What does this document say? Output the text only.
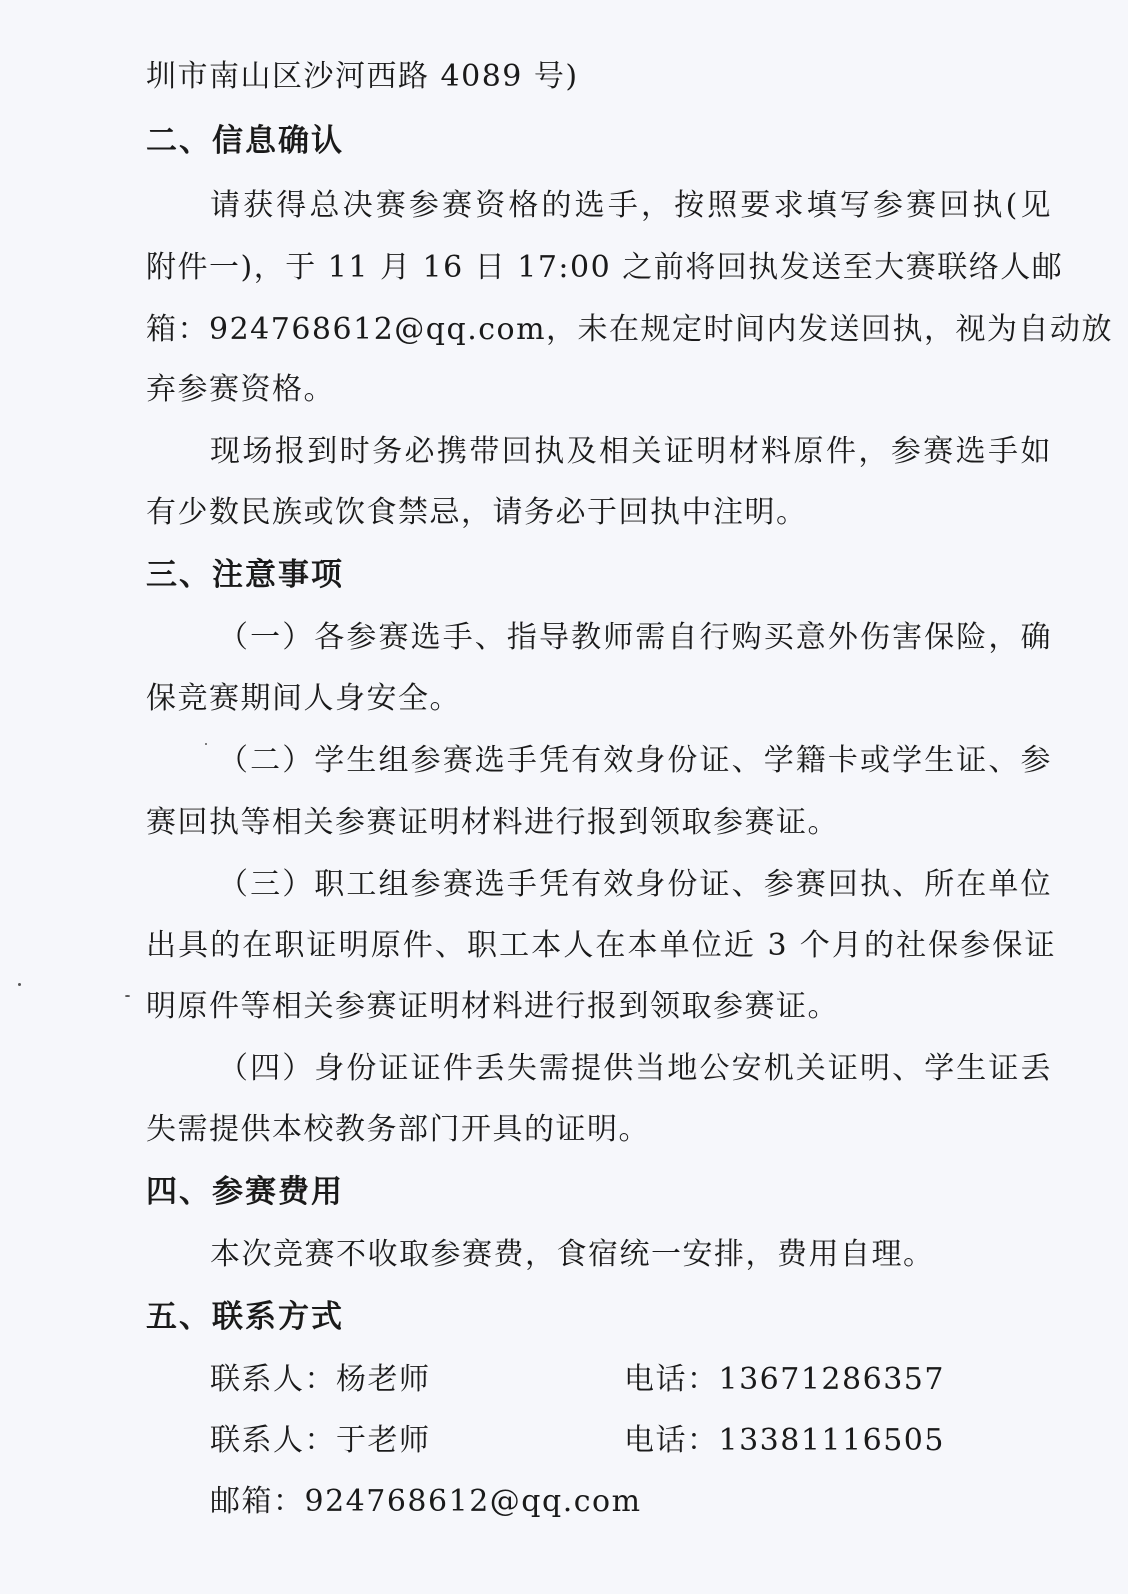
圳市南山区沙河西路 4089 号)
二、信息确认
请获得总决赛参赛资格的选手，按照要求填写参赛回执(见
附件一)，于 11 月 16 日 17:00 之前将回执发送至大赛联络人邮
箱：924768612@qq.com，未在规定时间内发送回执，视为自动放
弃参赛资格。
现场报到时务必携带回执及相关证明材料原件，参赛选手如
有少数民族或饮食禁忌，请务必于回执中注明。
三、注意事项
（一）各参赛选手、指导教师需自行购买意外伤害保险，确
保竞赛期间人身安全。
（二）学生组参赛选手凭有效身份证、学籍卡或学生证、参
赛回执等相关参赛证明材料进行报到领取参赛证。
（三）职工组参赛选手凭有效身份证、参赛回执、所在单位
出具的在职证明原件、职工本人在本单位近 3 个月的社保参保证
明原件等相关参赛证明材料进行报到领取参赛证。
（四）身份证证件丢失需提供当地公安机关证明、学生证丢
失需提供本校教务部门开具的证明。
四、参赛费用
本次竞赛不收取参赛费，食宿统一安排，费用自理。
五、联系方式
联系人：杨老师	电话：13671286357
联系人：于老师	电话：13381116505
邮箱：924768612@qq.com
